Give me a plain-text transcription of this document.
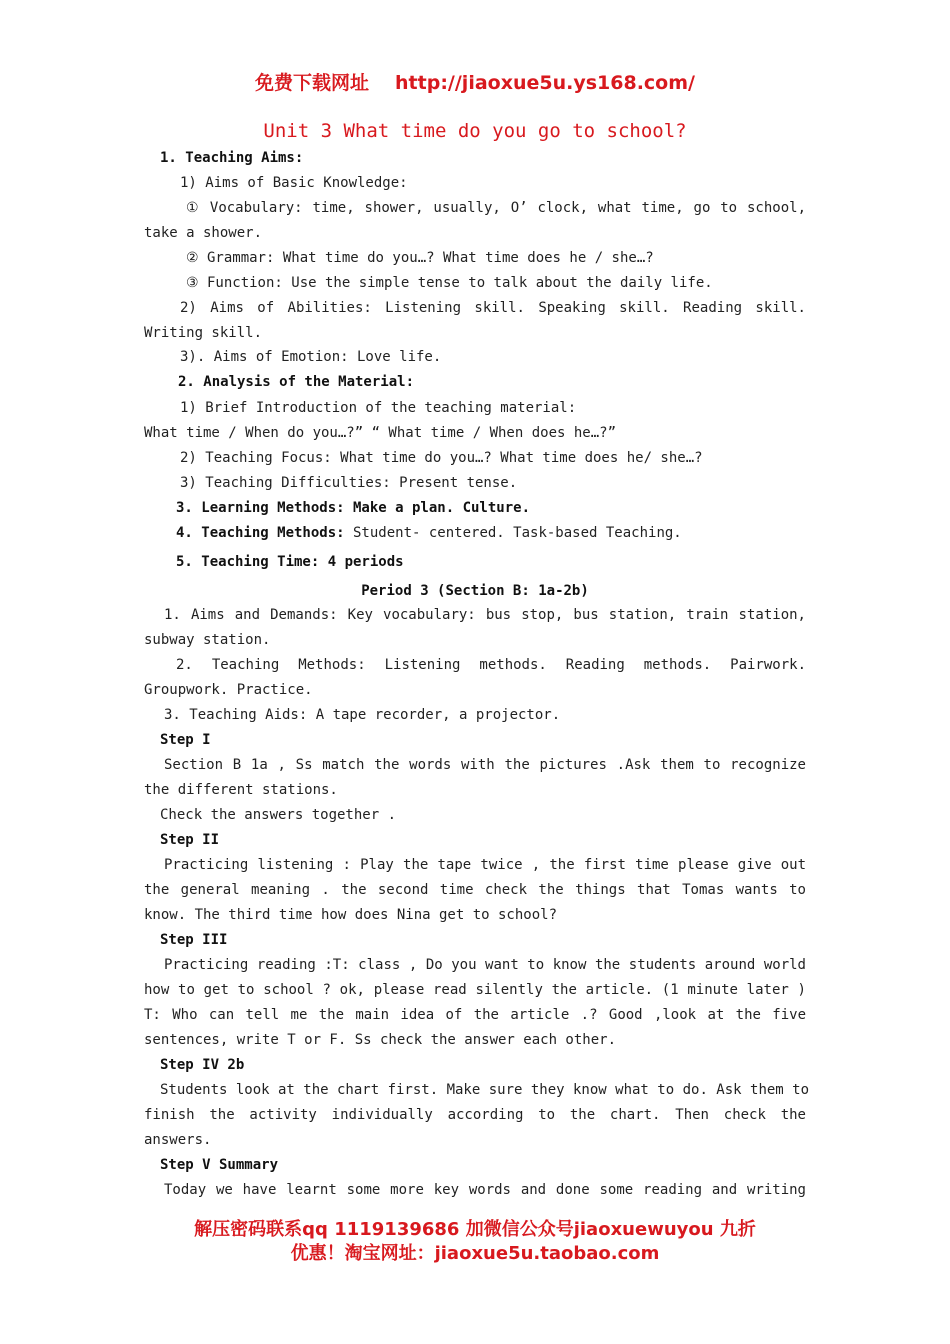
免费下载网址 http://jiaoxue5u.ys168.com/
Unit 3 What time do you go to school?
1. Teaching Aims:
1) Aims of Basic Knowledge:
① Vocabulary: time, shower, usually, O’ clock, what time, go to school,
take a shower.
② Grammar: What time do you…? What time does he / she…?
③ Function: Use the simple tense to talk about the daily life.
2) Aims of Abilities: Listening skill. Speaking skill. Reading skill.
Writing skill.
3). Aims of Emotion: Love life.
2. Analysis of the Material:
1) Brief Introduction of the teaching material:
What time / When do you…?” “ What time / When does he…?”
2) Teaching Focus: What time do you…? What time does he/ she…?
3) Teaching Difficulties: Present tense.
3. Learning Methods: Make a plan. Culture.
4. Teaching Methods: Student- centered. Task-based Teaching.
5. Teaching Time: 4 periods
Period 3 (Section B: 1a-2b)
1. Aims and Demands: Key vocabulary: bus stop, bus station, train station,
subway station.
2. Teaching Methods: Listening methods. Reading methods. Pairwork.
Groupwork. Practice.
3. Teaching Aids: A tape recorder, a projector.
Step I
Section B 1a , Ss match the words with the pictures .Ask them to recognize
the different stations.
Check the answers together .
Step II
Practicing listening : Play the tape twice , the first time please give out
the general meaning . the second time check the things that Tomas wants to
know. The third time how does Nina get to school?
Step III
Practicing reading :T: class , Do you want to know the students around world
how to get to school ? ok, please read silently the article. (1 minute later )
T: Who can tell me the main idea of the article .? Good ,look at the five
sentences, write T or F. Ss check the answer each other.
Step IV 2b
Students look at the chart first. Make sure they know what to do. Ask them to
finish the activity individually according to the chart. Then check the
answers.
Step V Summary
Today we have learnt some more key words and done some reading and writing
解压密码联系qq 1119139686 加微信公众号jiaoxuewuyou 九折
优惠！淘宝网址：jiaoxue5u.taobao.com
